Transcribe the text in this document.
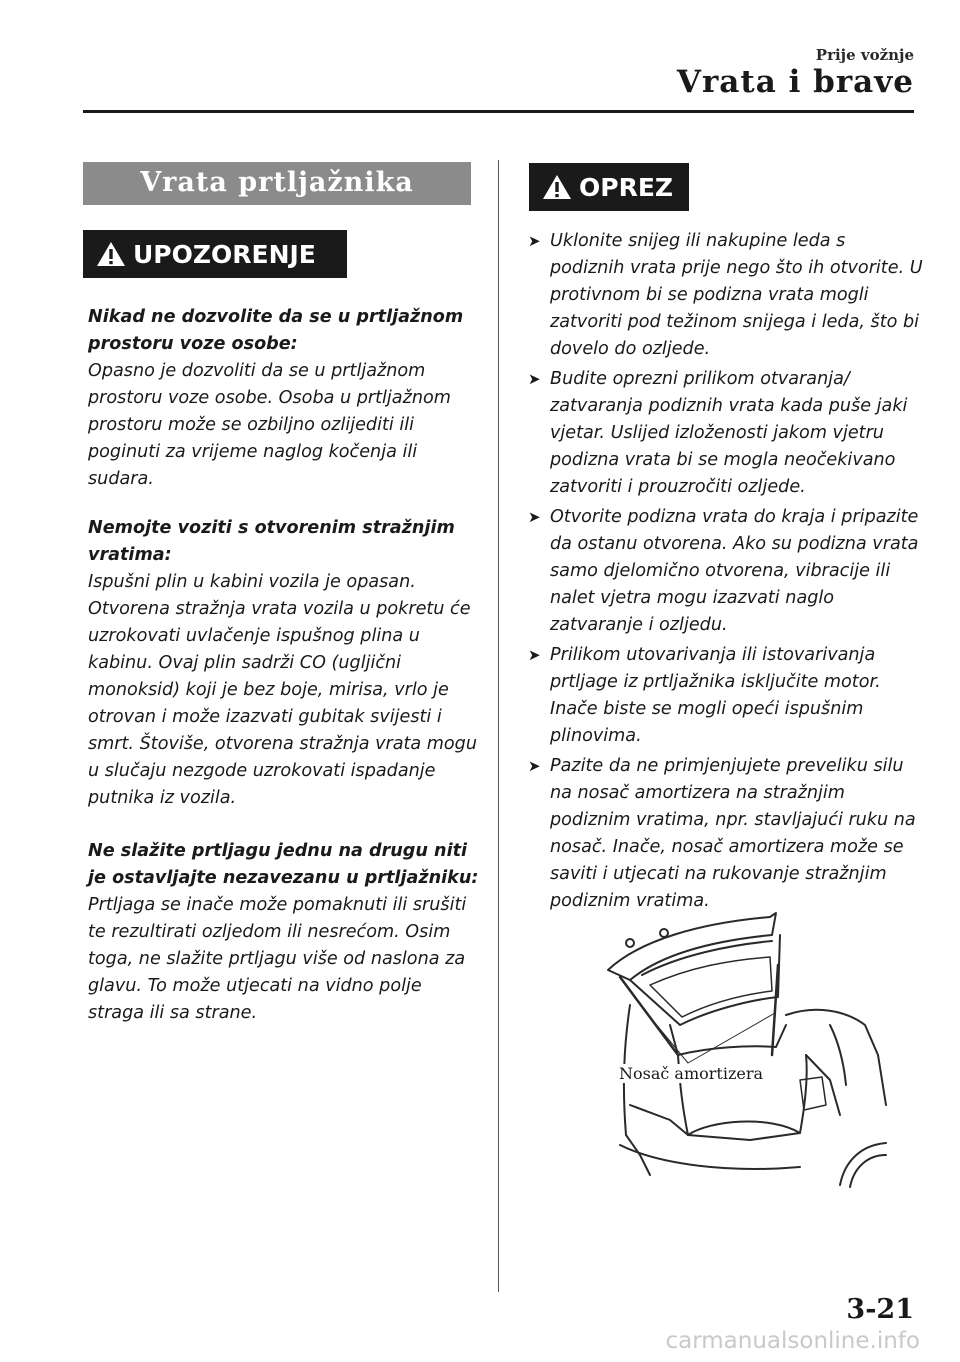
Prije vožnje
Vrata i brave
Vrata prtljažnika
UPOZORENJE
Nikad ne dozvolite da se u prtljažnom prostoru voze osobe:
Opasno je dozvoliti da se u prtljažnom prostoru voze osobe. Osoba u prtljažnom prostoru može se ozbiljno ozlijediti ili poginuti za vrijeme naglog kočenja ili sudara.
Nemojte voziti s otvorenim stražnjim vratima:
Ispušni plin u kabini vozila je opasan. Otvorena stražnja vrata vozila u pokretu će uzrokovati uvlačenje ispušnog plina u kabinu. Ovaj plin sadrži CO (ugljični monoksid) koji je bez boje, mirisa, vrlo je otrovan i može izazvati gubitak svijesti i smrt. Štoviše, otvorena stražnja vrata mogu u slučaju nezgode uzrokovati ispadanje putnika iz vozila.
Ne slažite prtljagu jednu na drugu niti je ostavljajte nezavezanu u prtljažniku:
Prtljaga se inače može pomaknuti ili srušiti te rezultirati ozljedom ili nesrećom. Osim toga, ne slažite prtljagu više od naslona za glavu. To može utjecati na vidno polje straga ili sa strane.
OPREZ
➤ Uklonite snijeg ili nakupine leda s podiznih vrata prije nego što ih otvorite. U protivnom bi se podizna vrata mogli zatvoriti pod težinom snijega i leda, što bi dovelo do ozljede.
➤ Budite oprezni prilikom otvaranja/ zatvaranja podiznih vrata kada puše jaki vjetar. Uslijed izloženosti jakom vjetru podizna vrata bi se mogla neočekivano zatvoriti i prouzročiti ozljede.
➤ Otvorite podizna vrata do kraja i pripazite da ostanu otvorena. Ako su podizna vrata samo djelomično otvorena, vibracije ili nalet vjetra mogu izazvati naglo zatvaranje i ozljedu.
➤ Prilikom utovarivanja ili istovarivanja prtljage iz prtljažnika isključite motor. Inače biste se mogli opeći ispušnim plinovima.
➤ Pazite da ne primjenjujete preveliku silu na nosač amortizera na stražnjim podiznim vratima, npr. stavljajući ruku na nosač. Inače, nosač amortizera može se saviti i utjecati na rukovanje stražnjim podiznim vratima.
Nosač amortizera
3-21
carmanualsonline.info
